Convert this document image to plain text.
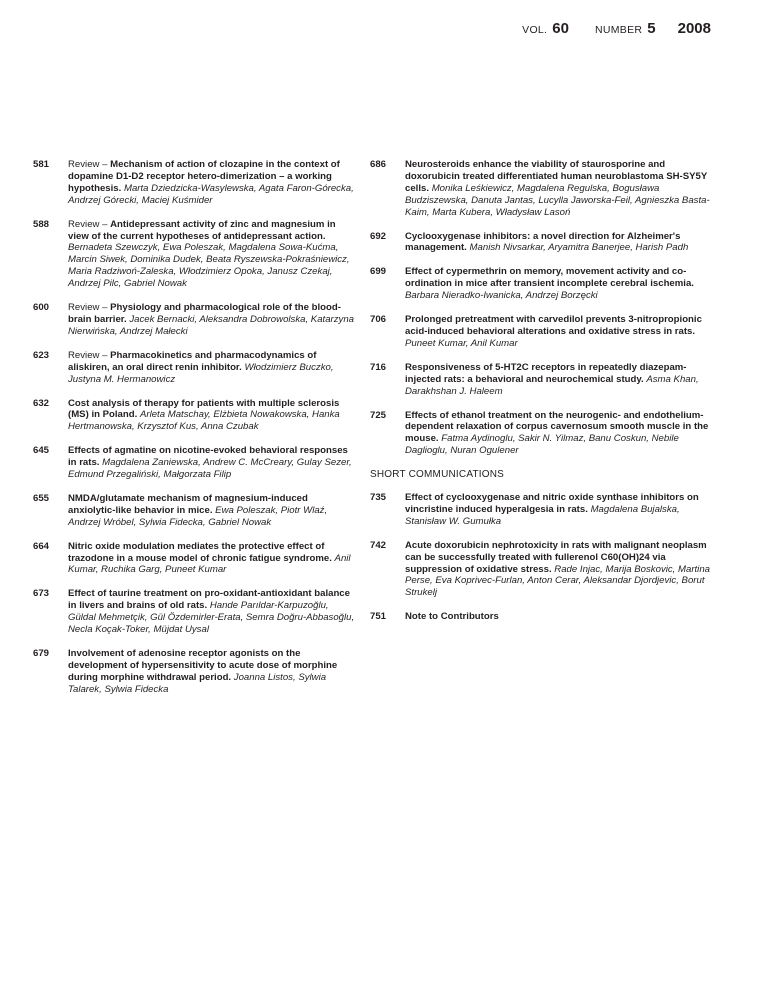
VOL. 60 NUMBER 5 2008
581	Review – Mechanism of action of clozapine in the context of dopamine D1-D2 receptor hetero-dimerization – a working hypothesis. Marta Dziedzicka-Wasylewska, Agata Faron-Górecka, Andrzej Górecki, Maciej Kuśmider
588	Review – Antidepressant activity of zinc and magnesium in view of the current hypotheses of antidepressant action. Bernadeta Szewczyk, Ewa Poleszak, Magdalena Sowa-Kućma, Marcin Siwek, Dominika Dudek, Beata Ryszewska-Pokraśniewicz, Maria Radziwoń-Zaleska, Włodzimierz Opoka, Janusz Czekaj, Andrzej Pilc, Gabriel Nowak
600	Review – Physiology and pharmacological role of the blood-brain barrier. Jacek Bernacki, Aleksandra Dobrowolska, Katarzyna Nierwińska, Andrzej Małecki
623	Review – Pharmacokinetics and pharmacodynamics of aliskiren, an oral direct renin inhibitor. Włodzimierz Buczko, Justyna M. Hermanowicz
632	Cost analysis of therapy for patients with multiple sclerosis (MS) in Poland. Arleta Matschay, Elżbieta Nowakowska, Hanka Hertmanowska, Krzysztof Kus, Anna Czubak
645	Effects of agmatine on nicotine-evoked behavioral responses in rats. Magdalena Zaniewska, Andrew C. McCreary, Gulay Sezer, Edmund Przegaliński, Małgorzata Filip
655	NMDA/glutamate mechanism of magnesium-induced anxiolytic-like behavior in mice. Ewa Poleszak, Piotr Wlaź, Andrzej Wróbel, Sylwia Fidecka, Gabriel Nowak
664	Nitric oxide modulation mediates the protective effect of trazodone in a mouse model of chronic fatigue syndrome. Anil Kumar, Ruchika Garg, Puneet Kumar
673	Effect of taurine treatment on pro-oxidant-antioxidant balance in livers and brains of old rats. Hande Parıldar-Karpuzoğlu, Güldal Mehmetçik, Gül Özdemirler-Erata, Semra Doğru-Abbasoğlu, Necla Koçak-Toker, Müjdat Uysal
679	Involvement of adenosine receptor agonists on the development of hypersensitivity to acute dose of morphine during morphine withdrawal period. Joanna Listos, Sylwia Talarek, Sylwia Fidecka
686	Neurosteroids enhance the viability of staurosporine and doxorubicin treated differentiated human neuroblastoma SH-SY5Y cells. Monika Leśkiewicz, Magdalena Regulska, Bogusława Budziszewska, Danuta Jantas, Lucylla Jaworska-Feil, Agnieszka Basta-Kaim, Marta Kubera, Władysław Lasoń
692	Cyclooxygenase inhibitors: a novel direction for Alzheimer's management. Manish Nivsarkar, Aryamitra Banerjee, Harish Padh
699	Effect of cypermethrin on memory, movement activity and co-ordination in mice after transient incomplete cerebral ischemia. Barbara Nieradko-Iwanicka, Andrzej Borzęcki
706	Prolonged pretreatment with carvedilol prevents 3-nitropropionic acid-induced behavioral alterations and oxidative stress in rats. Puneet Kumar, Anil Kumar
716	Responsiveness of 5-HT2C receptors in repeatedly diazepam-injected rats: a behavioral and neurochemical study. Asma Khan, Darakhshan J. Haleem
725	Effects of ethanol treatment on the neurogenic- and endothelium-dependent relaxation of corpus cavernosum smooth muscle in the mouse. Fatma Aydinoglu, Sakir N. Yilmaz, Banu Coskun, Nebile Daglioglu, Nuran Ogulener
SHORT COMMUNICATIONS
735	Effect of cyclooxygenase and nitric oxide synthase inhibitors on vincristine induced hyperalgesia in rats. Magdalena Bujalska, Stanisław W. Gumułka
742	Acute doxorubicin nephrotoxicity in rats with malignant neoplasm can be successfully treated with fullerenol C60(OH)24 via suppression of oxidative stress. Rade Injac, Marija Boskovic, Martina Perse, Eva Koprivec-Furlan, Anton Cerar, Aleksandar Djordjevic, Borut Strukelj
751	Note to Contributors
